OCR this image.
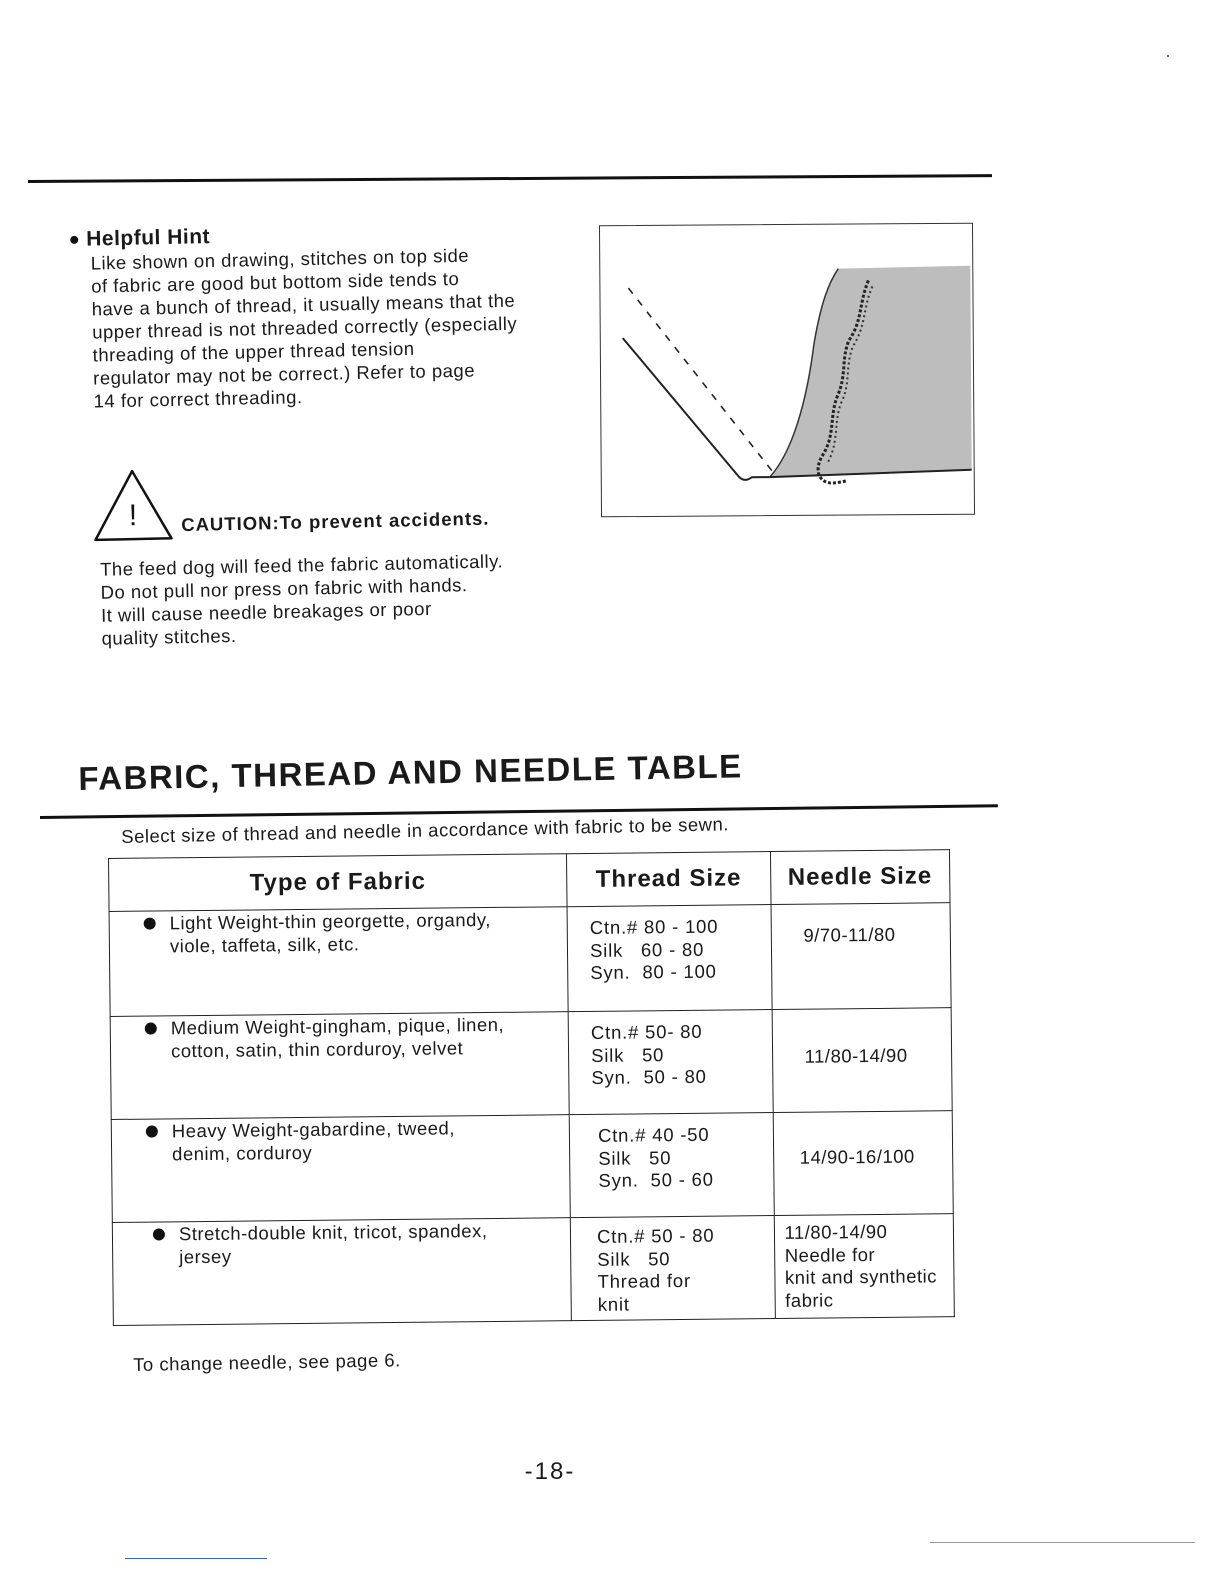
Helpful Hint
Like shown on drawing, stitches on top side
of fabric are good but bottom side tends to
have a bunch of thread, it usually means that the
upper thread is not threaded correctly (especially
threading of the upper thread tension
regulator may not be correct.) Refer to page
14 for correct threading.
! CAUTION:To prevent accidents.
The feed dog will feed the fabric automatically.
Do not pull nor press on fabric with hands.
It will cause needle breakages or poor
quality stitches.
FABRIC, THREAD AND NEEDLE TABLE
Select size of thread and needle in accordance with fabric to be sewn.
Type of Fabric	Thread Size	Needle Size

Light Weight-thin georgette, organdy,
viole, taffeta, silk, etc.	Ctn.# 80 - 100
Silk   60 - 80
Syn.  80 - 100	9/70-11/80

Medium Weight-gingham, pique, linen,
cotton, satin, thin corduroy, velvet	Ctn.# 50- 80
Silk   50
Syn.  50 - 80	11/80-14/90

Heavy Weight-gabardine, tweed,
denim, corduroy	Ctn.# 40 -50
Silk   50
Syn.  50 - 60	14/90-16/100

Stretch-double knit, tricot, spandex,
jersey	Ctn.# 50 - 80
Silk   50
Thread for
knit	11/80-14/90
Needle for
knit and synthetic
fabric
To change needle, see page 6.
-18-
